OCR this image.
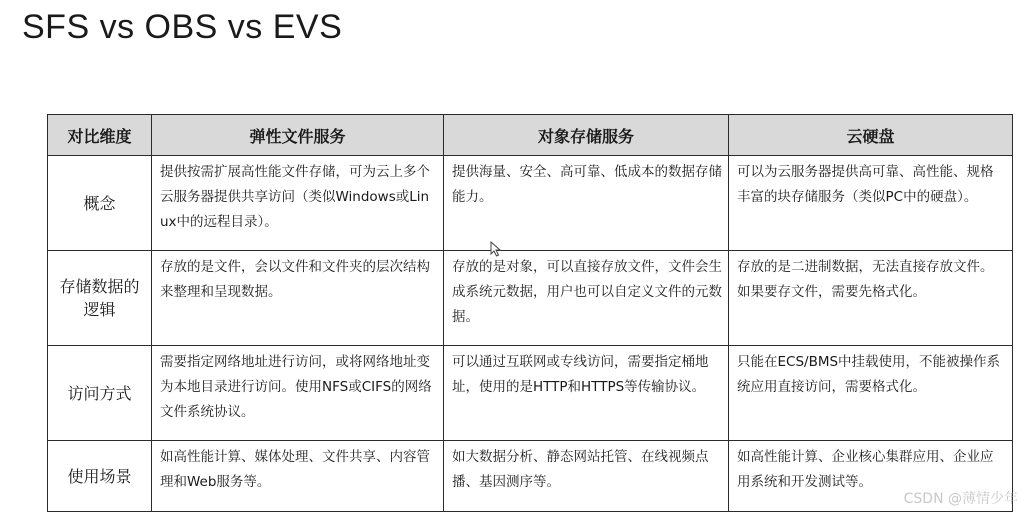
SFS vs OBS vs EVS
对比维度	弹性文件服务	对象存储服务	云硬盘
概念	提供按需扩展高性能文件存储，可为云上多个云服务器提供共享访问（类似Windows或Linux中的远程目录）。	提供海量、安全、高可靠、低成本的数据存储能力。	可以为云服务器提供高可靠、高性能、规格丰富的块存储服务（类似PC中的硬盘）。
存储数据的逻辑	存放的是文件，会以文件和文件夹的层次结构来整理和呈现数据。	存放的是对象，可以直接存放文件，文件会生成系统元数据，用户也可以自定义文件的元数据。	存放的是二进制数据，无法直接存放文件。如果要存文件，需要先格式化。
访问方式	需要指定网络地址进行访问，或将网络地址变为本地目录进行访问。使用NFS或CIFS的网络文件系统协议。	可以通过互联网或专线访问，需要指定桶地址，使用的是HTTP和HTTPS等传输协议。	只能在ECS/BMS中挂载使用，不能被操作系统应用直接访问，需要格式化。
使用场景	如高性能计算、媒体处理、文件共享、内容管理和Web服务等。	如大数据分析、静态网站托管、在线视频点播、基因测序等。	如高性能计算、企业核心集群应用、企业应用系统和开发测试等。
CSDN @薄情少年
